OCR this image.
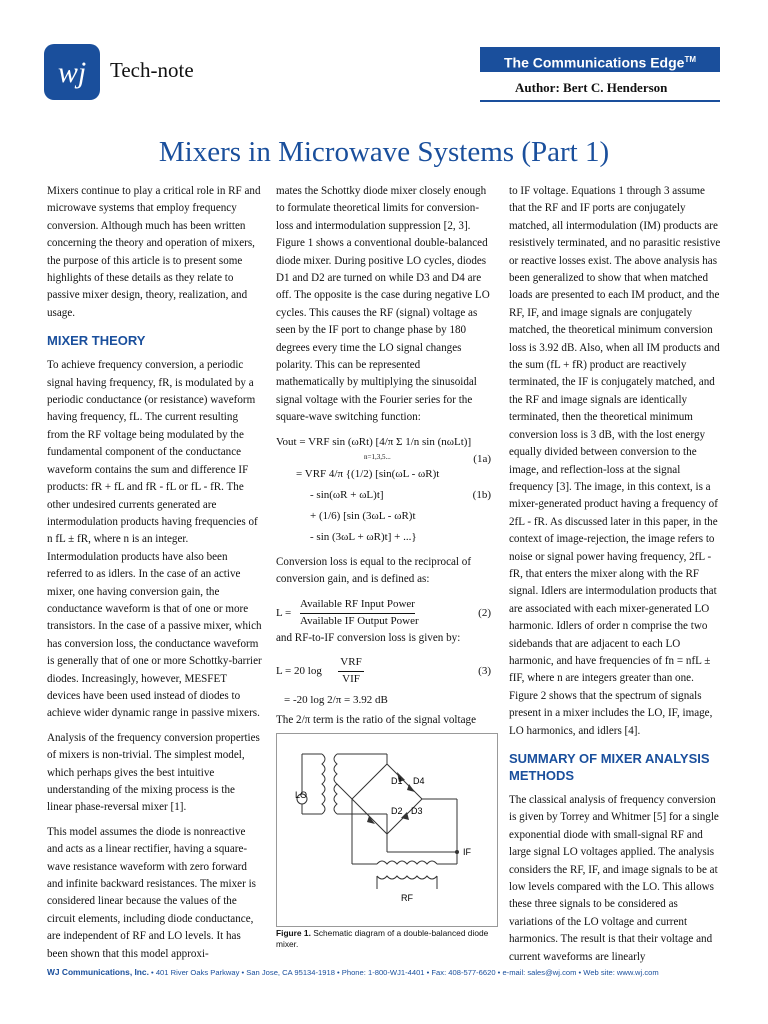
wj Tech-note	The Communications Edge™
Author: Bert C. Henderson
Mixers in Microwave Systems (Part 1)

Mixers continue to play a critical role in RF and microwave systems that employ frequency conversion. Although much has been written concerning the theory and operation of mixers, the purpose of this article is to present some highlights of these details as they relate to passive mixer design, theory, realization, and usage.

MIXER THEORY

To achieve frequency conversion, a periodic signal having frequency, fR, is modulated by a periodic conductance (or resistance) waveform having frequency, fL. The current resulting from the RF voltage being modulated by the fundamental component of the conductance waveform contains the sum and difference IF products: fR + fL and fR - fL or fL - fR. The other undesired currents generated are intermodulation products having frequencies of n fL ± fR, where n is an integer. Intermodulation products have also been referred to as idlers. In the case of an active mixer, one having conversion gain, the conductance waveform is that of one or more transistors. In the case of a passive mixer, which has conversion loss, the conductance waveform is generally that of one or more Schottky-barrier diodes. Increasingly, however, MESFET devices have been used instead of diodes to achieve wider dynamic range in passive mixers.

Analysis of the frequency conversion properties of mixers is non-trivial. The simplest model, which perhaps gives the best intuitive understanding of the mixing process is the linear phase-reversal mixer [1].

This model assumes the diode is nonreactive and acts as a linear rectifier, having a square-wave resistance waveform with zero forward and infinite backward resistances. The mixer is considered linear because the values of the circuit elements, including diode conductance, are independent of RF and LO levels. It has been shown that this model approxi-

mates the Schottky diode mixer closely enough to formulate theoretical limits for conversion-loss and intermodulation suppression [2, 3]. Figure 1 shows a conventional double-balanced diode mixer. During positive LO cycles, diodes D1 and D2 are turned on while D3 and D4 are off. The opposite is the case during negative LO cycles. This causes the RF (signal) voltage as seen by the IF port to change phase by 180 degrees every time the LO signal changes polarity. This can be represented mathematically by multiplying the sinusoidal signal voltage with the Fourier series for the square-wave switching function:

Vout = VRF sin (ωRt) [4/π Σ 1/n sin (nωLt)]
n=1,3,5...	(1a)
= VRF 4/π {(1/2) [sin(ωL - ωR)t
- sin(ωR + ωL)t]	(1b)
+ (1/6) [sin (3ωL - ωR)t
- sin (3ωL + ωR)t] + ...}

Conversion loss is equal to the reciprocal of conversion gain, and is defined as:

L =
Available RF Input Power
Available IF Output Power
(2)

and RF-to-IF conversion loss is given by:

L = 20 log
VRF
VIF
(3)
= -20 log 2/π = 3.92 dB

The 2/π term is the ratio of the signal voltage

LO
D1 D4
D2 D3
IF
RF
Figure 1. Schematic diagram of a double-balanced diode mixer.

to IF voltage. Equations 1 through 3 assume that the RF and IF ports are conjugately matched, all intermodulation (IM) products are resistively terminated, and no parasitic resistive or reactive losses exist. The above analysis has been generalized to show that when matched loads are presented to each IM product, and the RF, IF, and image signals are conjugately matched, the theoretical minimum conversion loss is 3.92 dB. Also, when all IM products and the sum (fL + fR) product are reactively terminated, the IF is conjugately matched, and the RF and image signals are identically terminated, then the theoretical minimum conversion loss is 3 dB, with the lost energy equally divided between conversion to the image, and reflection-loss at the signal frequency [3]. The image, in this context, is a mixer-generated product having a frequency of 2fL - fR. As discussed later in this paper, in the context of image-rejection, the image refers to noise or signal power having frequency, 2fL - fR, that enters the mixer along with the RF signal. Idlers are intermodulation products that are associated with each mixer-generated LO harmonic. Idlers of order n comprise the two sidebands that are adjacent to each LO harmonic, and have frequencies of fn = nfL ± fIF, where n are integers greater than one. Figure 2 shows that the spectrum of signals present in a mixer includes the LO, IF, image, LO harmonics, and idlers [4].

SUMMARY OF MIXER ANALYSIS METHODS

The classical analysis of frequency conversion is given by Torrey and Whitmer [5] for a single exponential diode with small-signal RF and large signal LO voltages applied. The analysis considers the RF, IF, and image signals to be at low levels compared with the LO. This allows these three signals to be considered as variations of the LO voltage and current harmonics. The result is that their voltage and current waveforms are linearly

WJ Communications, Inc. • 401 River Oaks Parkway • San Jose, CA 95134-1918 • Phone: 1-800-WJ1-4401 • Fax: 408-577-6620 • e-mail: sales@wj.com • Web site: www.wj.com
